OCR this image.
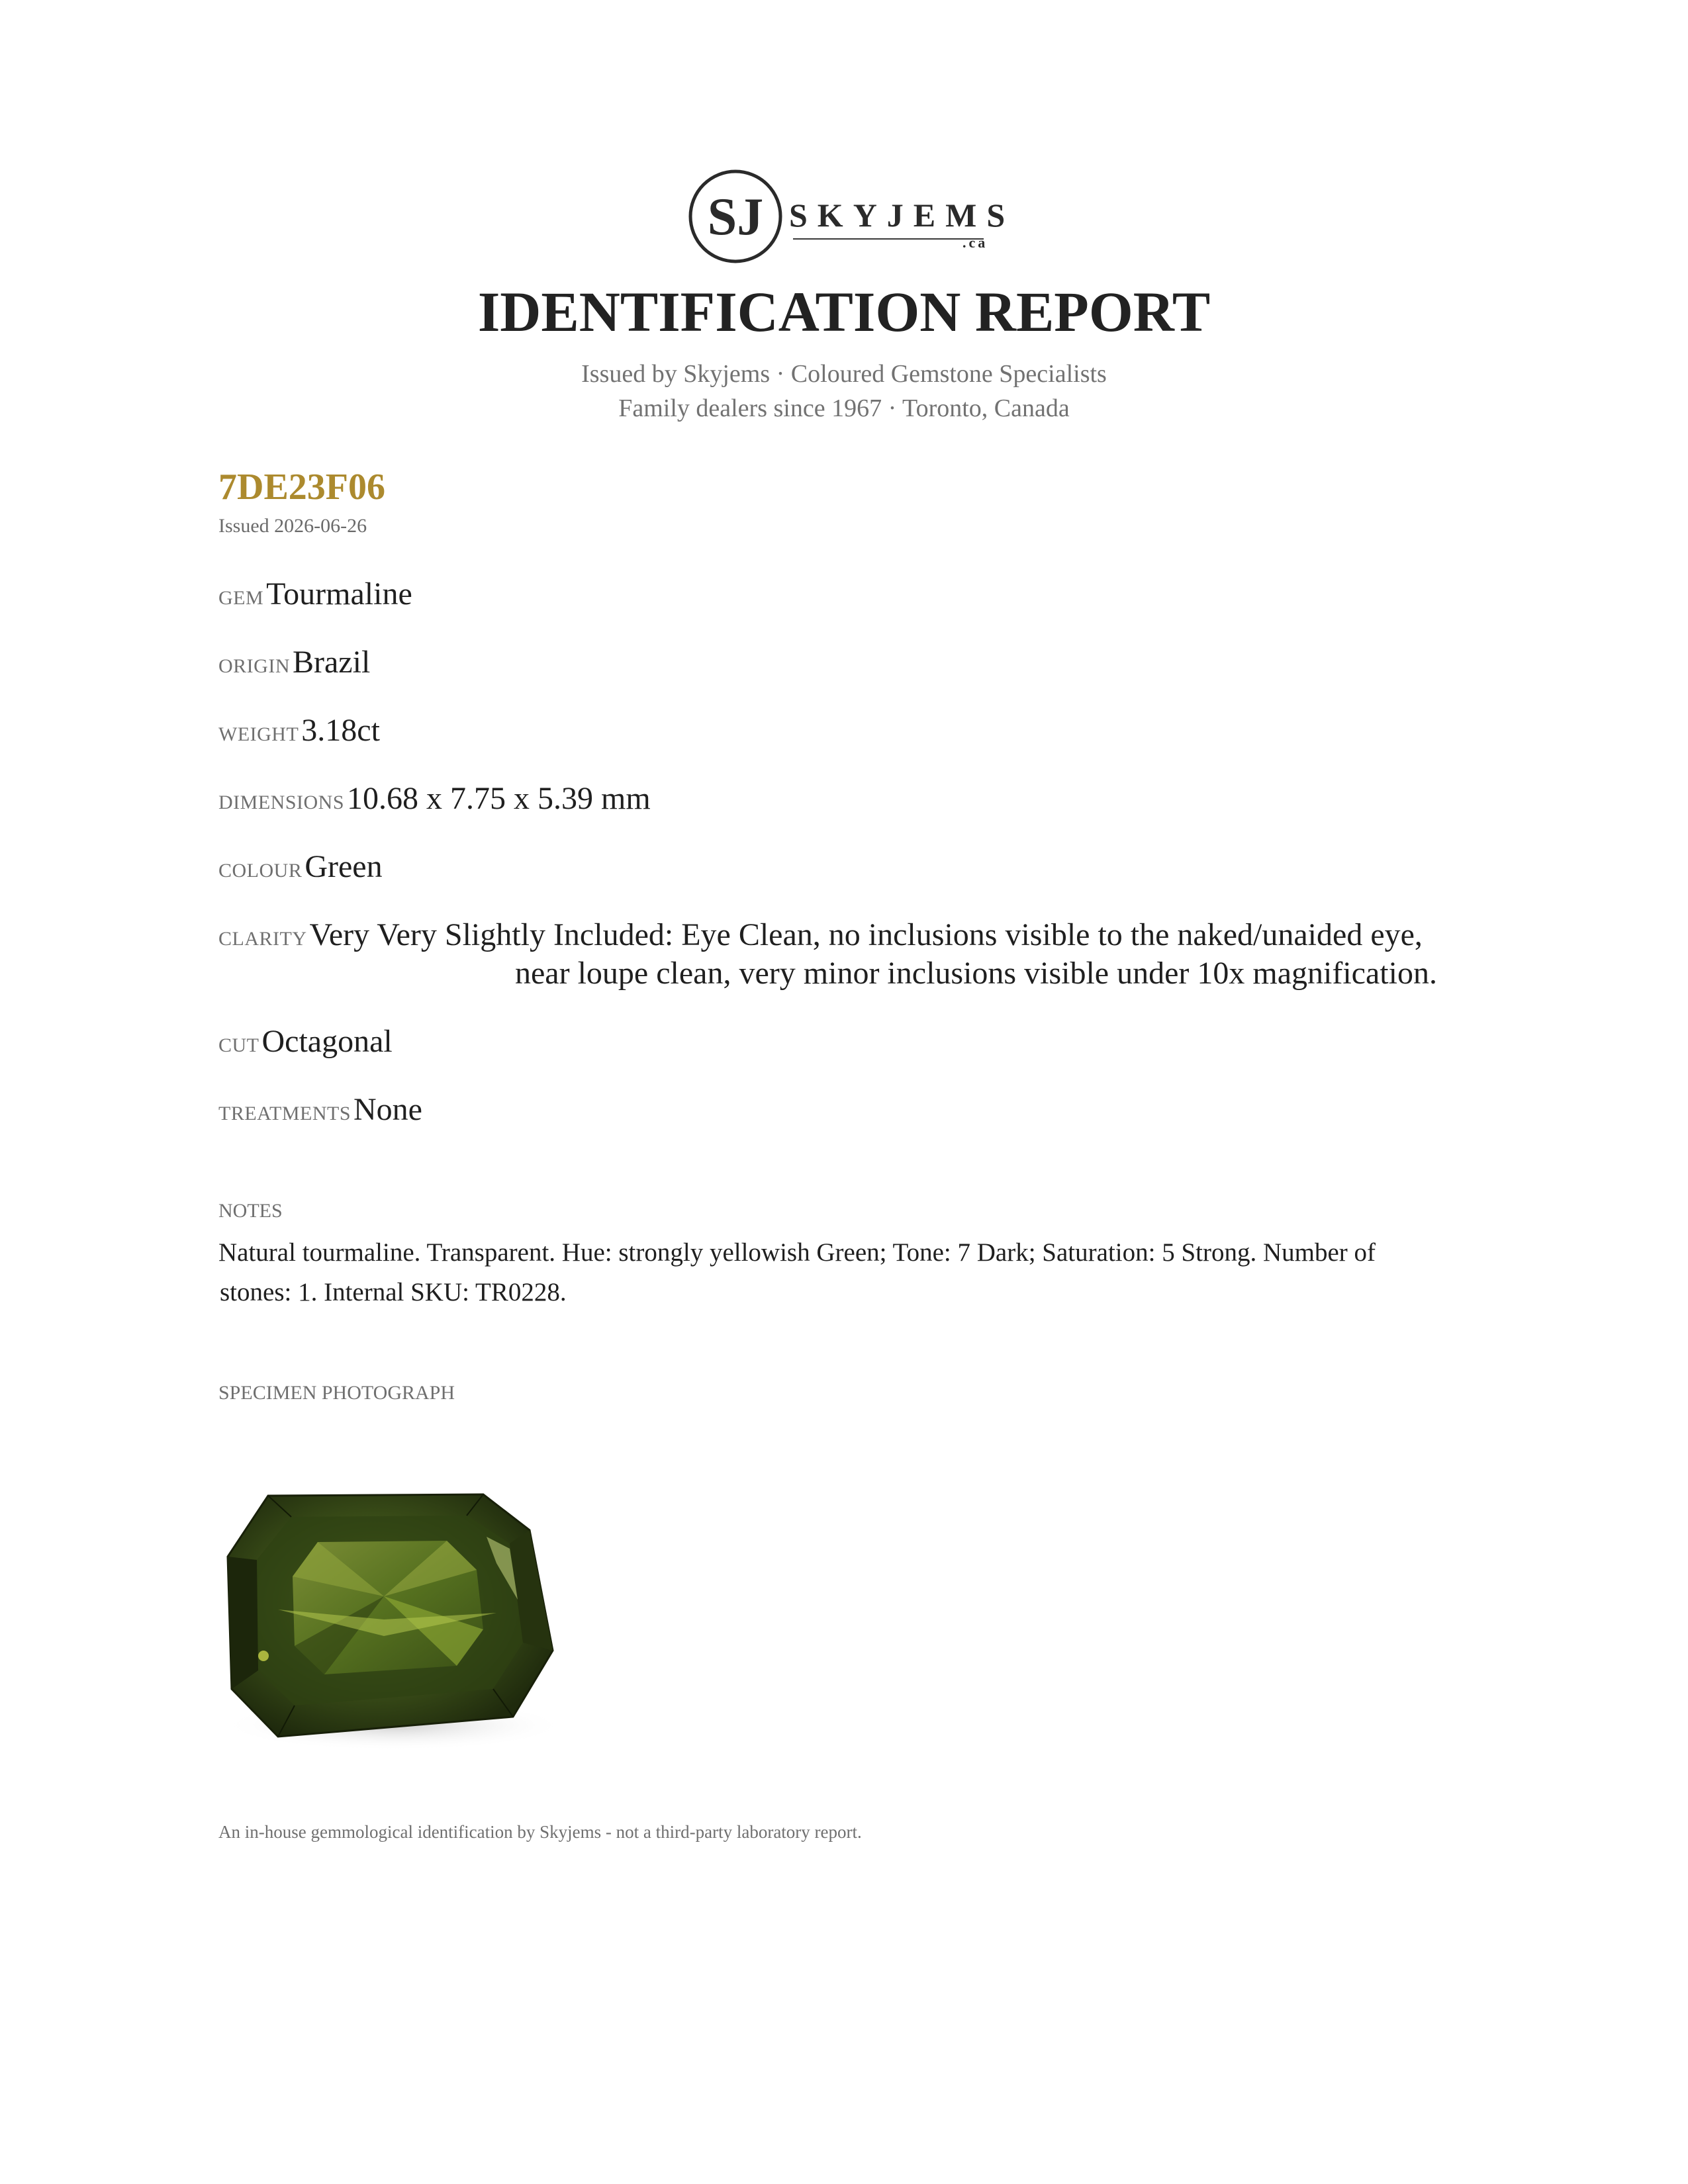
SJ SKYJEMS
.ca
IDENTIFICATION REPORT
Issued by Skyjems · Coloured Gemstone Specialists
Family dealers since 1967 · Toronto, Canada
7DE23F06
Issued 2026-06-26
GEM Tourmaline
ORIGIN Brazil
WEIGHT 3.18ct
DIMENSIONS 10.68 x 7.75 x 5.39 mm
COLOUR Green
CLARITY Very Very Slightly Included: Eye Clean, no inclusions visible to the naked/unaided eye,
near loupe clean, very minor inclusions visible under 10x magnification.
CUT Octagonal
TREATMENTS None
NOTES
Natural tourmaline. Transparent. Hue: strongly yellowish Green; Tone: 7 Dark; Saturation: 5 Strong. Number of
stones: 1. Internal SKU: TR0228.
SPECIMEN PHOTOGRAPH
An in-house gemmological identification by Skyjems - not a third-party laboratory report.
